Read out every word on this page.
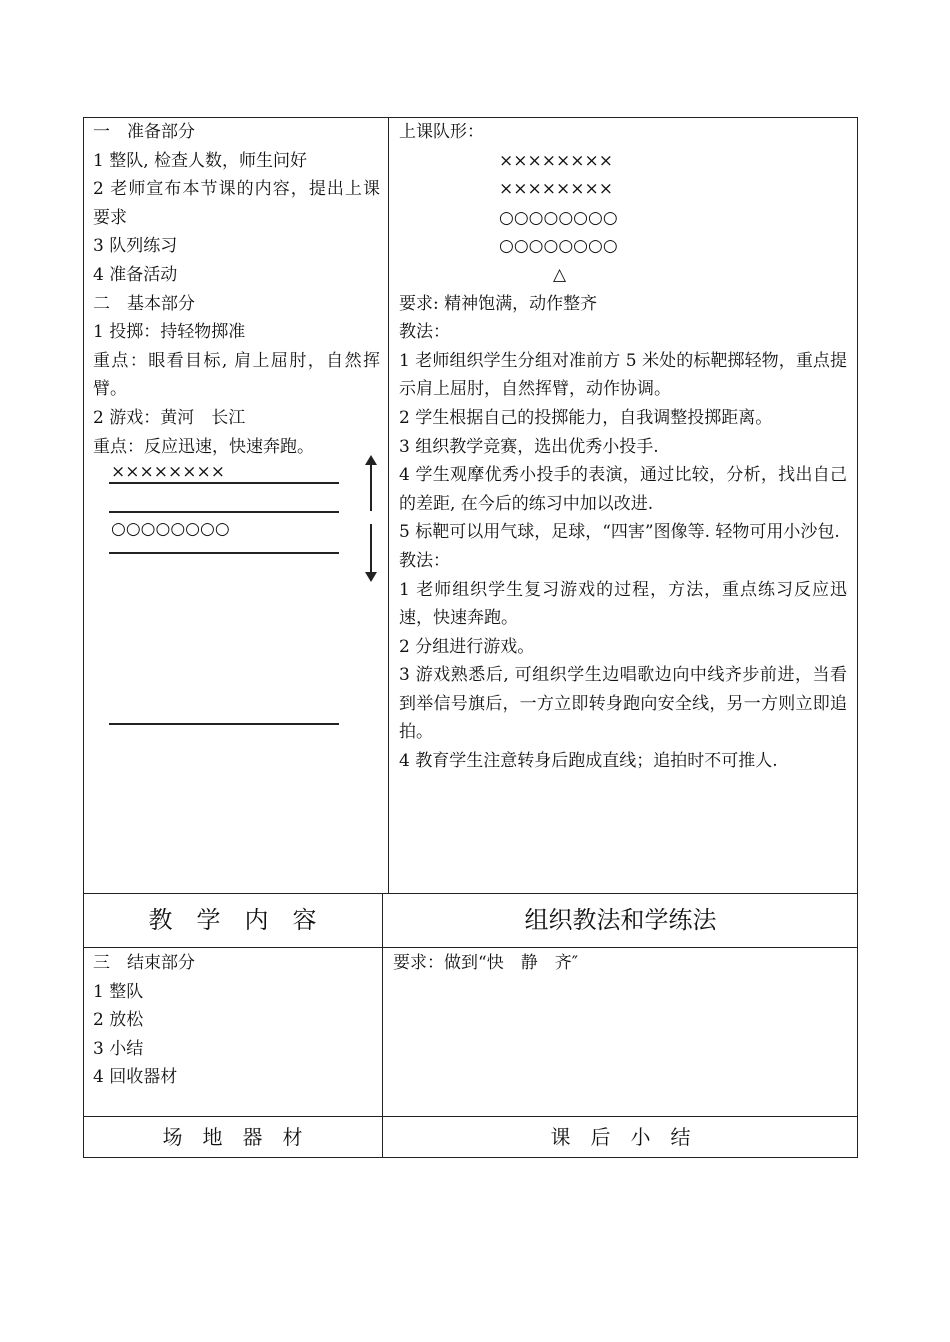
一　准备部分

1 整队, 检查人数，师生问好

2 老师宣布本节课的内容，提出上课要求

3 队列练习

4 准备活动

二　基本部分

1 投掷：持轻物掷准

重点：眼看目标, 肩上屈肘，自然挥臂。

2 游戏：黄河　长江

重点：反应迅速，快速奔跑。

××××××××
○○○○○○○○

上课队形：

××××××××

××××××××

○○○○○○○○

○○○○○○○○

△

要求: 精神饱满，动作整齐

教法：

1 老师组织学生分组对准前方 5 米处的标靶掷轻物，重点提示肩上屈肘，自然挥臂，动作协调。

2 学生根据自己的投掷能力，自我调整投掷距离。

3 组织教学竞赛，选出优秀小投手.

4 学生观摩优秀小投手的表演，通过比较，分析，找出自己的差距, 在今后的练习中加以改进.

5 标靶可以用气球，足球，“四害”图像等. 轻物可用小沙包.

教法：

1 老师组织学生复习游戏的过程，方法，重点练习反应迅速，快速奔跑。

2 分组进行游戏。

3 游戏熟悉后, 可组织学生边唱歌边向中线齐步前进，当看到举信号旗后，一方立即转身跑向安全线，另一方则立即追拍。

4 教育学生注意转身后跑成直线；追拍时不可推人.

教　学　内　容	组织教法和学练法

三　结束部分

1 整队

2 放松

3 小结

4 回收器材

要求：做到“快　静　齐″

场　地　器　材	课　后　小　结
